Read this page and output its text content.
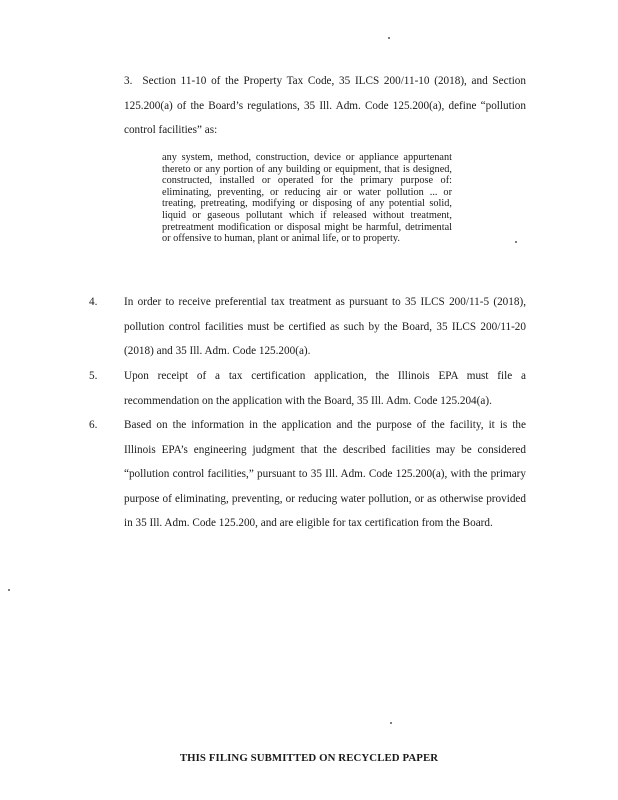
3. Section 11-10 of the Property Tax Code, 35 ILCS 200/11-10 (2018), and Section 125.200(a) of the Board’s regulations, 35 Ill. Adm. Code 125.200(a), define “pollution control facilities” as:
any system, method, construction, device or appliance appurtenant thereto or any portion of any building or equipment, that is designed, constructed, installed or operated for the primary purpose of: eliminating, preventing, or reducing air or water pollution ... or treating, pretreating, modifying or disposing of any potential solid, liquid or gaseous pollutant which if released without treatment, pretreatment modification or disposal might be harmful, detrimental or offensive to human, plant or animal life, or to property.
4. In order to receive preferential tax treatment as pursuant to 35 ILCS 200/11-5 (2018), pollution control facilities must be certified as such by the Board, 35 ILCS 200/11-20 (2018) and 35 Ill. Adm. Code 125.200(a).
5. Upon receipt of a tax certification application, the Illinois EPA must file a recommendation on the application with the Board, 35 Ill. Adm. Code 125.204(a).
6. Based on the information in the application and the purpose of the facility, it is the Illinois EPA’s engineering judgment that the described facilities may be considered “pollution control facilities,” pursuant to 35 Ill. Adm. Code 125.200(a), with the primary purpose of eliminating, preventing, or reducing water pollution, or as otherwise provided in 35 Ill. Adm. Code 125.200, and are eligible for tax certification from the Board.
THIS FILING SUBMITTED ON RECYCLED PAPER
